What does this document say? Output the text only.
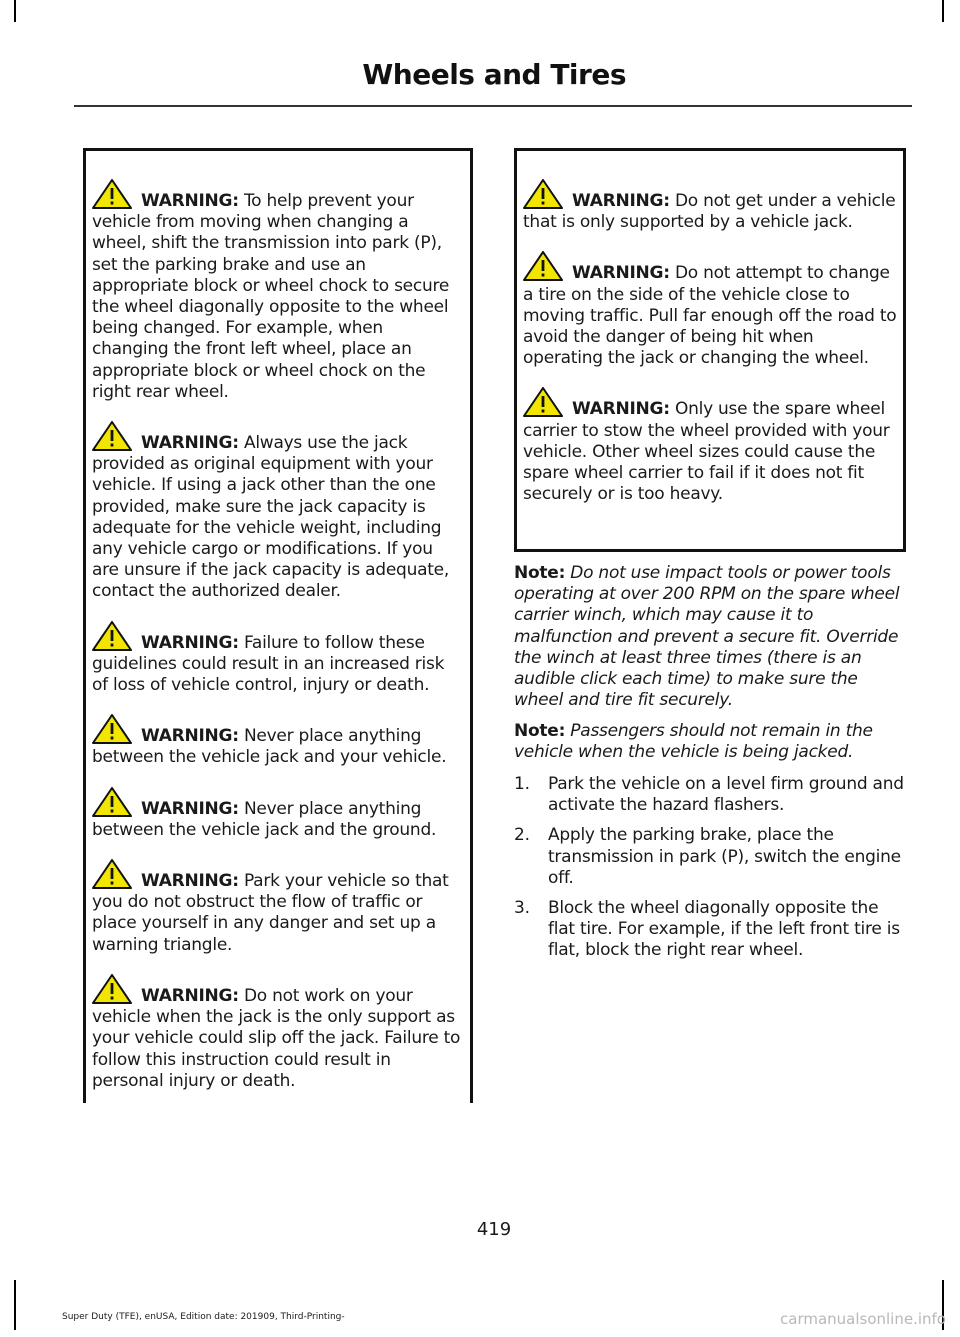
Wheels and Tires
WARNING: To help prevent your vehicle from moving when changing a wheel, shift the transmission into park (P), set the parking brake and use an appropriate block or wheel chock to secure the wheel diagonally opposite to the wheel being changed. For example, when changing the front left wheel, place an appropriate block or wheel chock on the right rear wheel.
WARNING: Always use the jack provided as original equipment with your vehicle. If using a jack other than the one provided, make sure the jack capacity is adequate for the vehicle weight, including any vehicle cargo or modifications. If you are unsure if the jack capacity is adequate, contact the authorized dealer.
WARNING: Failure to follow these guidelines could result in an increased risk of loss of vehicle control, injury or death.
WARNING: Never place anything between the vehicle jack and your vehicle.
WARNING: Never place anything between the vehicle jack and the ground.
WARNING: Park your vehicle so that you do not obstruct the flow of traffic or place yourself in any danger and set up a warning triangle.
WARNING: Do not work on your vehicle when the jack is the only support as your vehicle could slip off the jack. Failure to follow this instruction could result in personal injury or death.
WARNING: Do not get under a vehicle that is only supported by a vehicle jack.
WARNING: Do not attempt to change a tire on the side of the vehicle close to moving traffic. Pull far enough off the road to avoid the danger of being hit when operating the jack or changing the wheel.
WARNING: Only use the spare wheel carrier to stow the wheel provided with your vehicle. Other wheel sizes could cause the spare wheel carrier to fail if it does not fit securely or is too heavy.
Note: Do not use impact tools or power tools operating at over 200 RPM on the spare wheel carrier winch, which may cause it to malfunction and prevent a secure fit. Override the winch at least three times (there is an audible click each time) to make sure the wheel and tire fit securely.
Note: Passengers should not remain in the vehicle when the vehicle is being jacked.
1. Park the vehicle on a level firm ground and activate the hazard flashers.
2. Apply the parking brake, place the transmission in park (P), switch the engine off.
3. Block the wheel diagonally opposite the flat tire. For example, if the left front tire is flat, block the right rear wheel.
419
Super Duty (TFE), enUSA, Edition date: 201909, Third-Printing-	carmanualsonline.info
